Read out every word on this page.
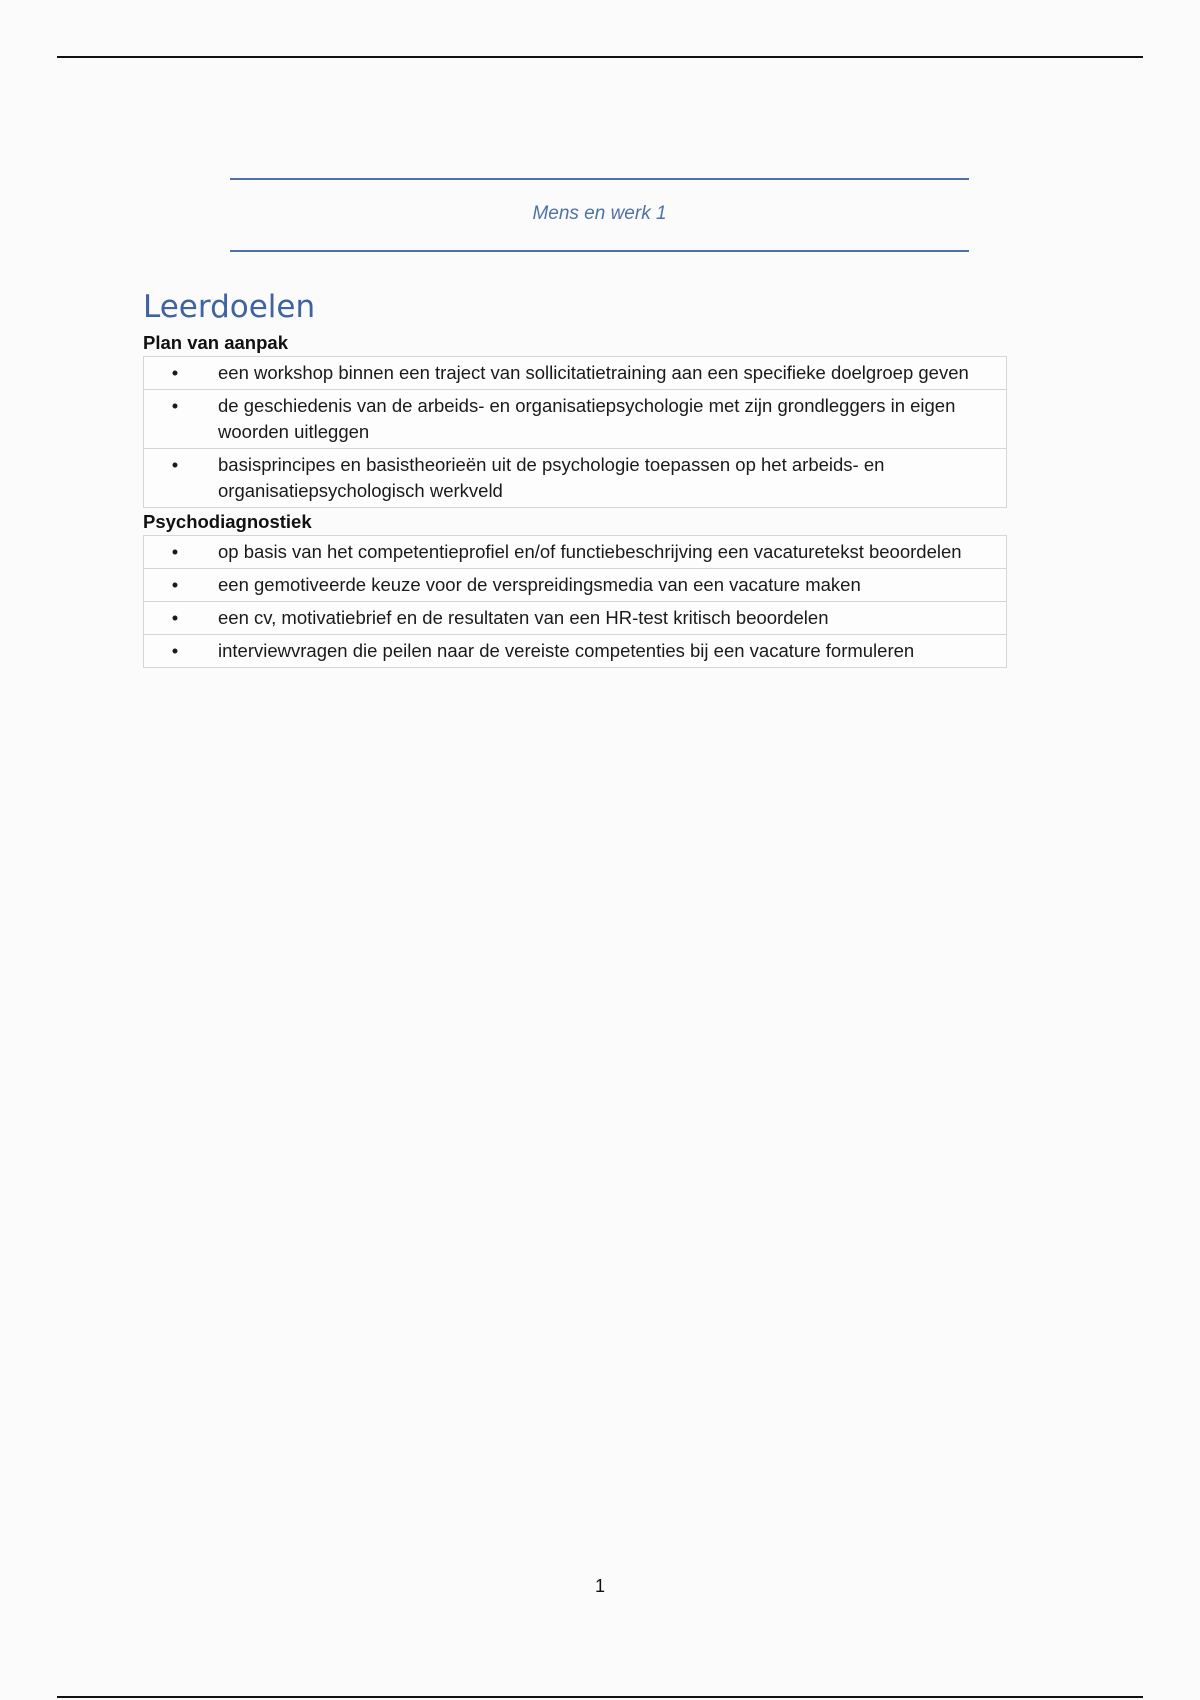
Mens en werk 1
Leerdoelen
Plan van aanpak
•	een workshop binnen een traject van sollicitatietraining aan een specifieke doelgroep geven

•	de geschiedenis van de arbeids- en organisatiepsychologie met zijn grondleggers in eigen woorden uitleggen

•	basisprincipes en basistheorieën uit de psychologie toepassen op het arbeids- en organisatiepsychologisch werkveld
Psychodiagnostiek
•	op basis van het competentieprofiel en/of functiebeschrijving een vacaturetekst beoordelen

•	een gemotiveerde keuze voor de verspreidingsmedia van een vacature maken

•	een cv, motivatiebrief en de resultaten van een HR-test kritisch beoordelen

•	interviewvragen die peilen naar de vereiste competenties bij een vacature formuleren
1
